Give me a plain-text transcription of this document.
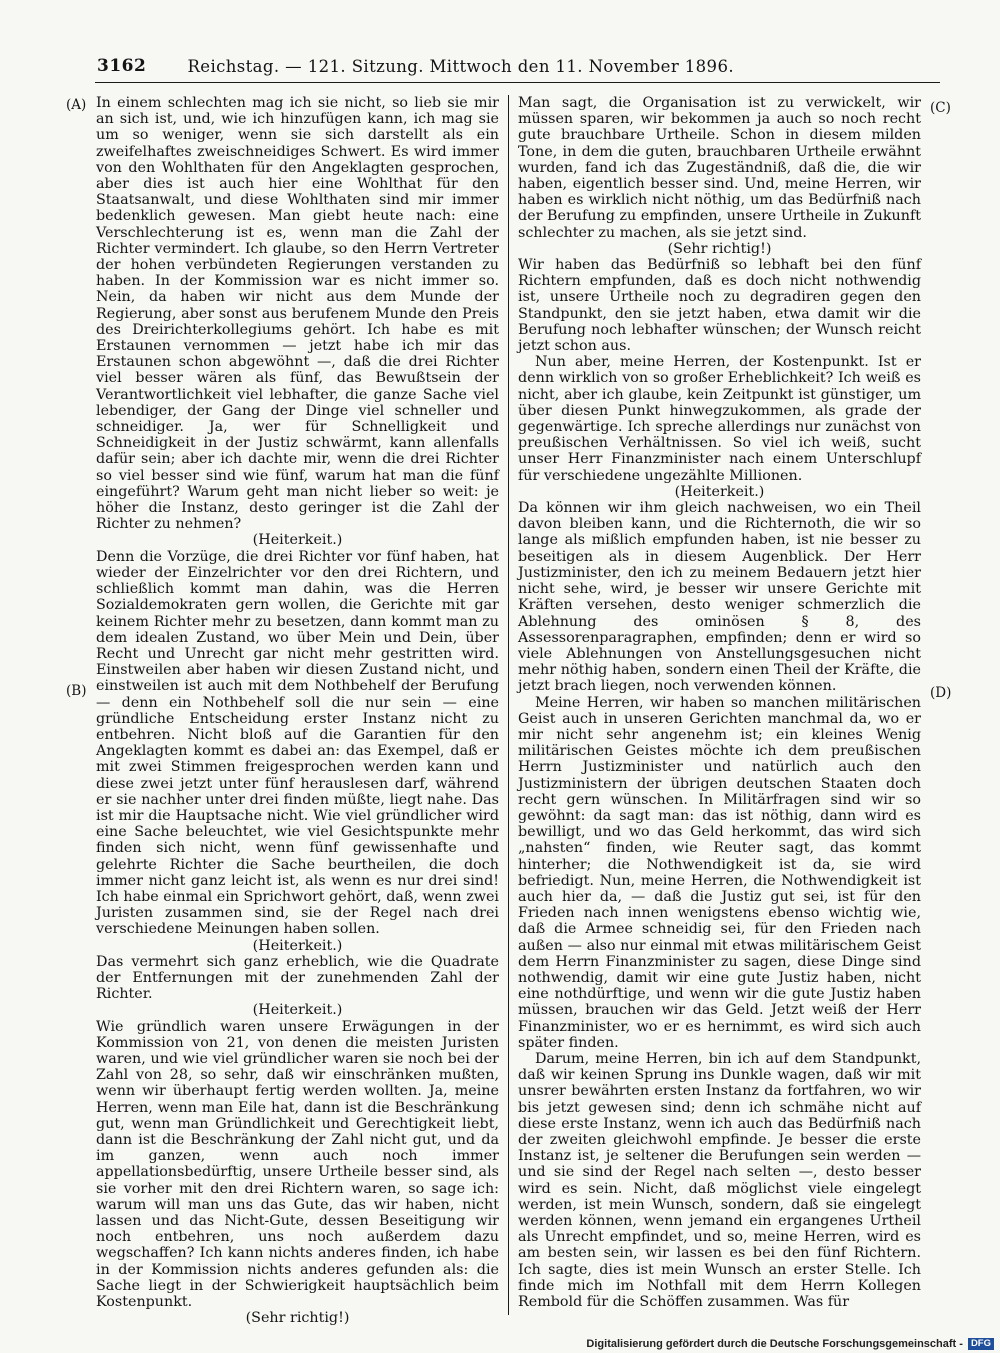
3162 Reichstag. — 121. Sitzung. Mittwoch den 11. November 1896.
(A)
(B)
(C)
(D)

In einem schlechten mag ich sie nicht, so lieb sie mir an sich ist, und, wie ich hinzufügen kann, ich mag sie um so weniger, wenn sie sich darstellt als ein zweifelhaftes zweischneidiges Schwert. Es wird immer von den Wohlthaten für den Angeklagten gesprochen, aber dies ist auch hier eine Wohlthat für den Staatsanwalt, und diese Wohlthaten sind mir immer bedenklich gewesen. Man giebt heute nach: eine Verschlechterung ist es, wenn man die Zahl der Richter vermindert. Ich glaube, so den Herrn Vertreter der hohen verbündeten Regierungen verstanden zu haben. In der Kommission war es nicht immer so. Nein, da haben wir nicht aus dem Munde der Regierung, aber sonst aus berufenem Munde den Preis des Dreirichterkollegiums gehört. Ich habe es mit Erstaunen vernommen — jetzt habe ich mir das Erstaunen schon abgewöhnt —, daß die drei Richter viel besser wären als fünf, das Bewußtsein der Verantwortlichkeit viel lebhafter, die ganze Sache viel lebendiger, der Gang der Dinge viel schneller und schneidiger. Ja, wer für Schnelligkeit und Schneidigkeit in der Justiz schwärmt, kann allenfalls dafür sein; aber ich dachte mir, wenn die drei Richter so viel besser sind wie fünf, warum hat man die fünf eingeführt? Warum geht man nicht lieber so weit: je höher die Instanz, desto geringer ist die Zahl der Richter zu nehmen?

(Heiterkeit.)

Denn die Vorzüge, die drei Richter vor fünf haben, hat wieder der Einzelrichter vor den drei Richtern, und schließlich kommt man dahin, was die Herren Sozialdemokraten gern wollen, die Gerichte mit gar keinem Richter mehr zu besetzen, dann kommt man zu dem idealen Zustand, wo über Mein und Dein, über Recht und Unrecht gar nicht mehr gestritten wird. Einstweilen aber haben wir diesen Zustand nicht, und einstweilen ist auch mit dem Nothbehelf der Berufung — denn ein Nothbehelf soll die nur sein — eine gründliche Entscheidung erster Instanz nicht zu entbehren. Nicht bloß auf die Garantien für den Angeklagten kommt es dabei an: das Exempel, daß er mit zwei Stimmen freigesprochen werden kann und diese zwei jetzt unter fünf herauslesen darf, während er sie nachher unter drei finden müßte, liegt nahe. Das ist mir die Hauptsache nicht. Wie viel gründlicher wird eine Sache beleuchtet, wie viel Gesichtspunkte mehr finden sich nicht, wenn fünf gewissenhafte und gelehrte Richter die Sache beurtheilen, die doch immer nicht ganz leicht ist, als wenn es nur drei sind! Ich habe einmal ein Sprichwort gehört, daß, wenn zwei Juristen zusammen sind, sie der Regel nach drei verschiedene Meinungen haben sollen.

(Heiterkeit.)

Das vermehrt sich ganz erheblich, wie die Quadrate der Entfernungen mit der zunehmenden Zahl der Richter.

(Heiterkeit.)

Wie gründlich waren unsere Erwägungen in der Kommission von 21, von denen die meisten Juristen waren, und wie viel gründlicher waren sie noch bei der Zahl von 28, so sehr, daß wir einschränken mußten, wenn wir überhaupt fertig werden wollten. Ja, meine Herren, wenn man Eile hat, dann ist die Beschränkung gut, wenn man Gründlichkeit und Gerechtigkeit liebt, dann ist die Beschränkung der Zahl nicht gut, und da im ganzen, wenn auch noch immer appellationsbedürftig, unsere Urtheile besser sind, als sie vorher mit den drei Richtern waren, so sage ich: warum will man uns das Gute, das wir haben, nicht lassen und das Nicht-Gute, dessen Beseitigung wir noch entbehren, uns noch außerdem dazu wegschaffen? Ich kann nichts anderes finden, ich habe in der Kommission nichts anderes gefunden als: die Sache liegt in der Schwierigkeit hauptsächlich beim Kostenpunkt.

(Sehr richtig!)

Man sagt, die Organisation ist zu verwickelt, wir müssen sparen, wir bekommen ja auch so noch recht gute brauchbare Urtheile. Schon in diesem milden Tone, in dem die guten, brauchbaren Urtheile erwähnt wurden, fand ich das Zugeständniß, daß die, die wir haben, eigentlich besser sind. Und, meine Herren, wir haben es wirklich nicht nöthig, um das Bedürfniß nach der Berufung zu empfinden, unsere Urtheile in Zukunft schlechter zu machen, als sie jetzt sind.

(Sehr richtig!)

Wir haben das Bedürfniß so lebhaft bei den fünf Richtern empfunden, daß es doch nicht nothwendig ist, unsere Urtheile noch zu degradiren gegen den Standpunkt, den sie jetzt haben, etwa damit wir die Berufung noch lebhafter wünschen; der Wunsch reicht jetzt schon aus.

Nun aber, meine Herren, der Kostenpunkt. Ist er denn wirklich von so großer Erheblichkeit? Ich weiß es nicht, aber ich glaube, kein Zeitpunkt ist günstiger, um über diesen Punkt hinwegzukommen, als grade der gegenwärtige. Ich spreche allerdings nur zunächst von preußischen Verhältnissen. So viel ich weiß, sucht unser Herr Finanzminister nach einem Unterschlupf für verschiedene ungezählte Millionen.

(Heiterkeit.)

Da können wir ihm gleich nachweisen, wo ein Theil davon bleiben kann, und die Richternoth, die wir so lange als mißlich empfunden haben, ist nie besser zu beseitigen als in diesem Augenblick. Der Herr Justizminister, den ich zu meinem Bedauern jetzt hier nicht sehe, wird, je besser wir unsere Gerichte mit Kräften versehen, desto weniger schmerzlich die Ablehnung des ominösen § 8, des Assessorenparagraphen, empfinden; denn er wird so viele Ablehnungen von Anstellungsgesuchen nicht mehr nöthig haben, sondern einen Theil der Kräfte, die jetzt brach liegen, noch verwenden können.

Meine Herren, wir haben so manchen militärischen Geist auch in unseren Gerichten manchmal da, wo er mir nicht sehr angenehm ist; ein kleines Wenig militärischen Geistes möchte ich dem preußischen Herrn Justizminister und natürlich auch den Justizministern der übrigen deutschen Staaten doch recht gern wünschen. In Militärfragen sind wir so gewöhnt: da sagt man: das ist nöthig, dann wird es bewilligt, und wo das Geld herkommt, das wird sich „nahsten“ finden, wie Reuter sagt, das kommt hinterher; die Nothwendigkeit ist da, sie wird befriedigt. Nun, meine Herren, die Nothwendigkeit ist auch hier da, — daß die Justiz gut sei, ist für den Frieden nach innen wenigstens ebenso wichtig wie, daß die Armee schneidig sei, für den Frieden nach außen — also nur einmal mit etwas militärischem Geist dem Herrn Finanzminister zu sagen, diese Dinge sind nothwendig, damit wir eine gute Justiz haben, nicht eine nothdürftige, und wenn wir die gute Justiz haben müssen, brauchen wir das Geld. Jetzt weiß der Herr Finanzminister, wo er es hernimmt, es wird sich auch später finden.

Darum, meine Herren, bin ich auf dem Standpunkt, daß wir keinen Sprung ins Dunkle wagen, daß wir mit unsrer bewährten ersten Instanz da fortfahren, wo wir bis jetzt gewesen sind; denn ich schmähe nicht auf diese erste Instanz, wenn ich auch das Bedürfniß nach der zweiten gleichwohl empfinde. Je besser die erste Instanz ist, je seltener die Berufungen sein werden — und sie sind der Regel nach selten —, desto besser wird es sein. Nicht, daß möglichst viele eingelegt werden, ist mein Wunsch, sondern, daß sie eingelegt werden können, wenn jemand ein ergangenes Urtheil als Unrecht empfindet, und so, meine Herren, wird es am besten sein, wir lassen es bei den fünf Richtern. Ich sagte, dies ist mein Wunsch an erster Stelle. Ich finde mich im Nothfall mit dem Herrn Kollegen Rembold für die Schöffen zusammen. Was für

Digitalisierung gefördert durch die Deutsche Forschungsgemeinschaft - DFG
